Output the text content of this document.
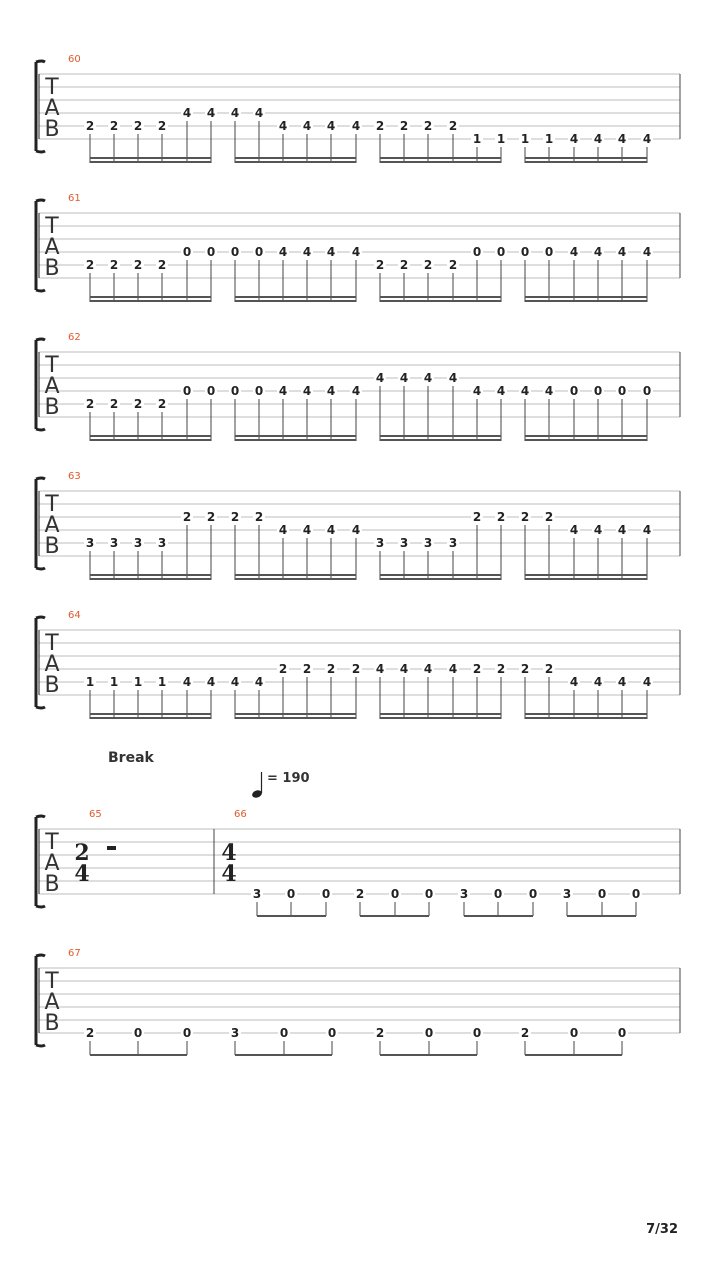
T
A
B
60
2 2 2 2
4 4 4 4
4 4 4 4 2 2 2 2
1 1 1 1 4 4 4 4
T
A
B
61
2 2 2 2
0 0 0 0 4 4 4 4
2 2 2 2
0 0 0 0 4 4 4 4
T
A
B
62
2 2 2 2
0 0 0 0 4 4 4 4
4 4 4 4
4 4 4 4 0 0 0 0
T
A
B
63
3 3 3 3
2 2 2 2
4 4 4 4
3 3 3 3
2 2 2 2
4 4 4 4
T
A
B
64
1 1 1 1 4 4 4 4
2 2 2 2 4 4 4 4 2 2 2 2
4 4 4 4
T
A
B
65
2
4
66
4
4
3 0 0 2 0 0 3 0 0 3 0 0
T
A
B
67
2	0	0	3	0	0	2	0	0	2	0	0
Break
= 190
7/32
